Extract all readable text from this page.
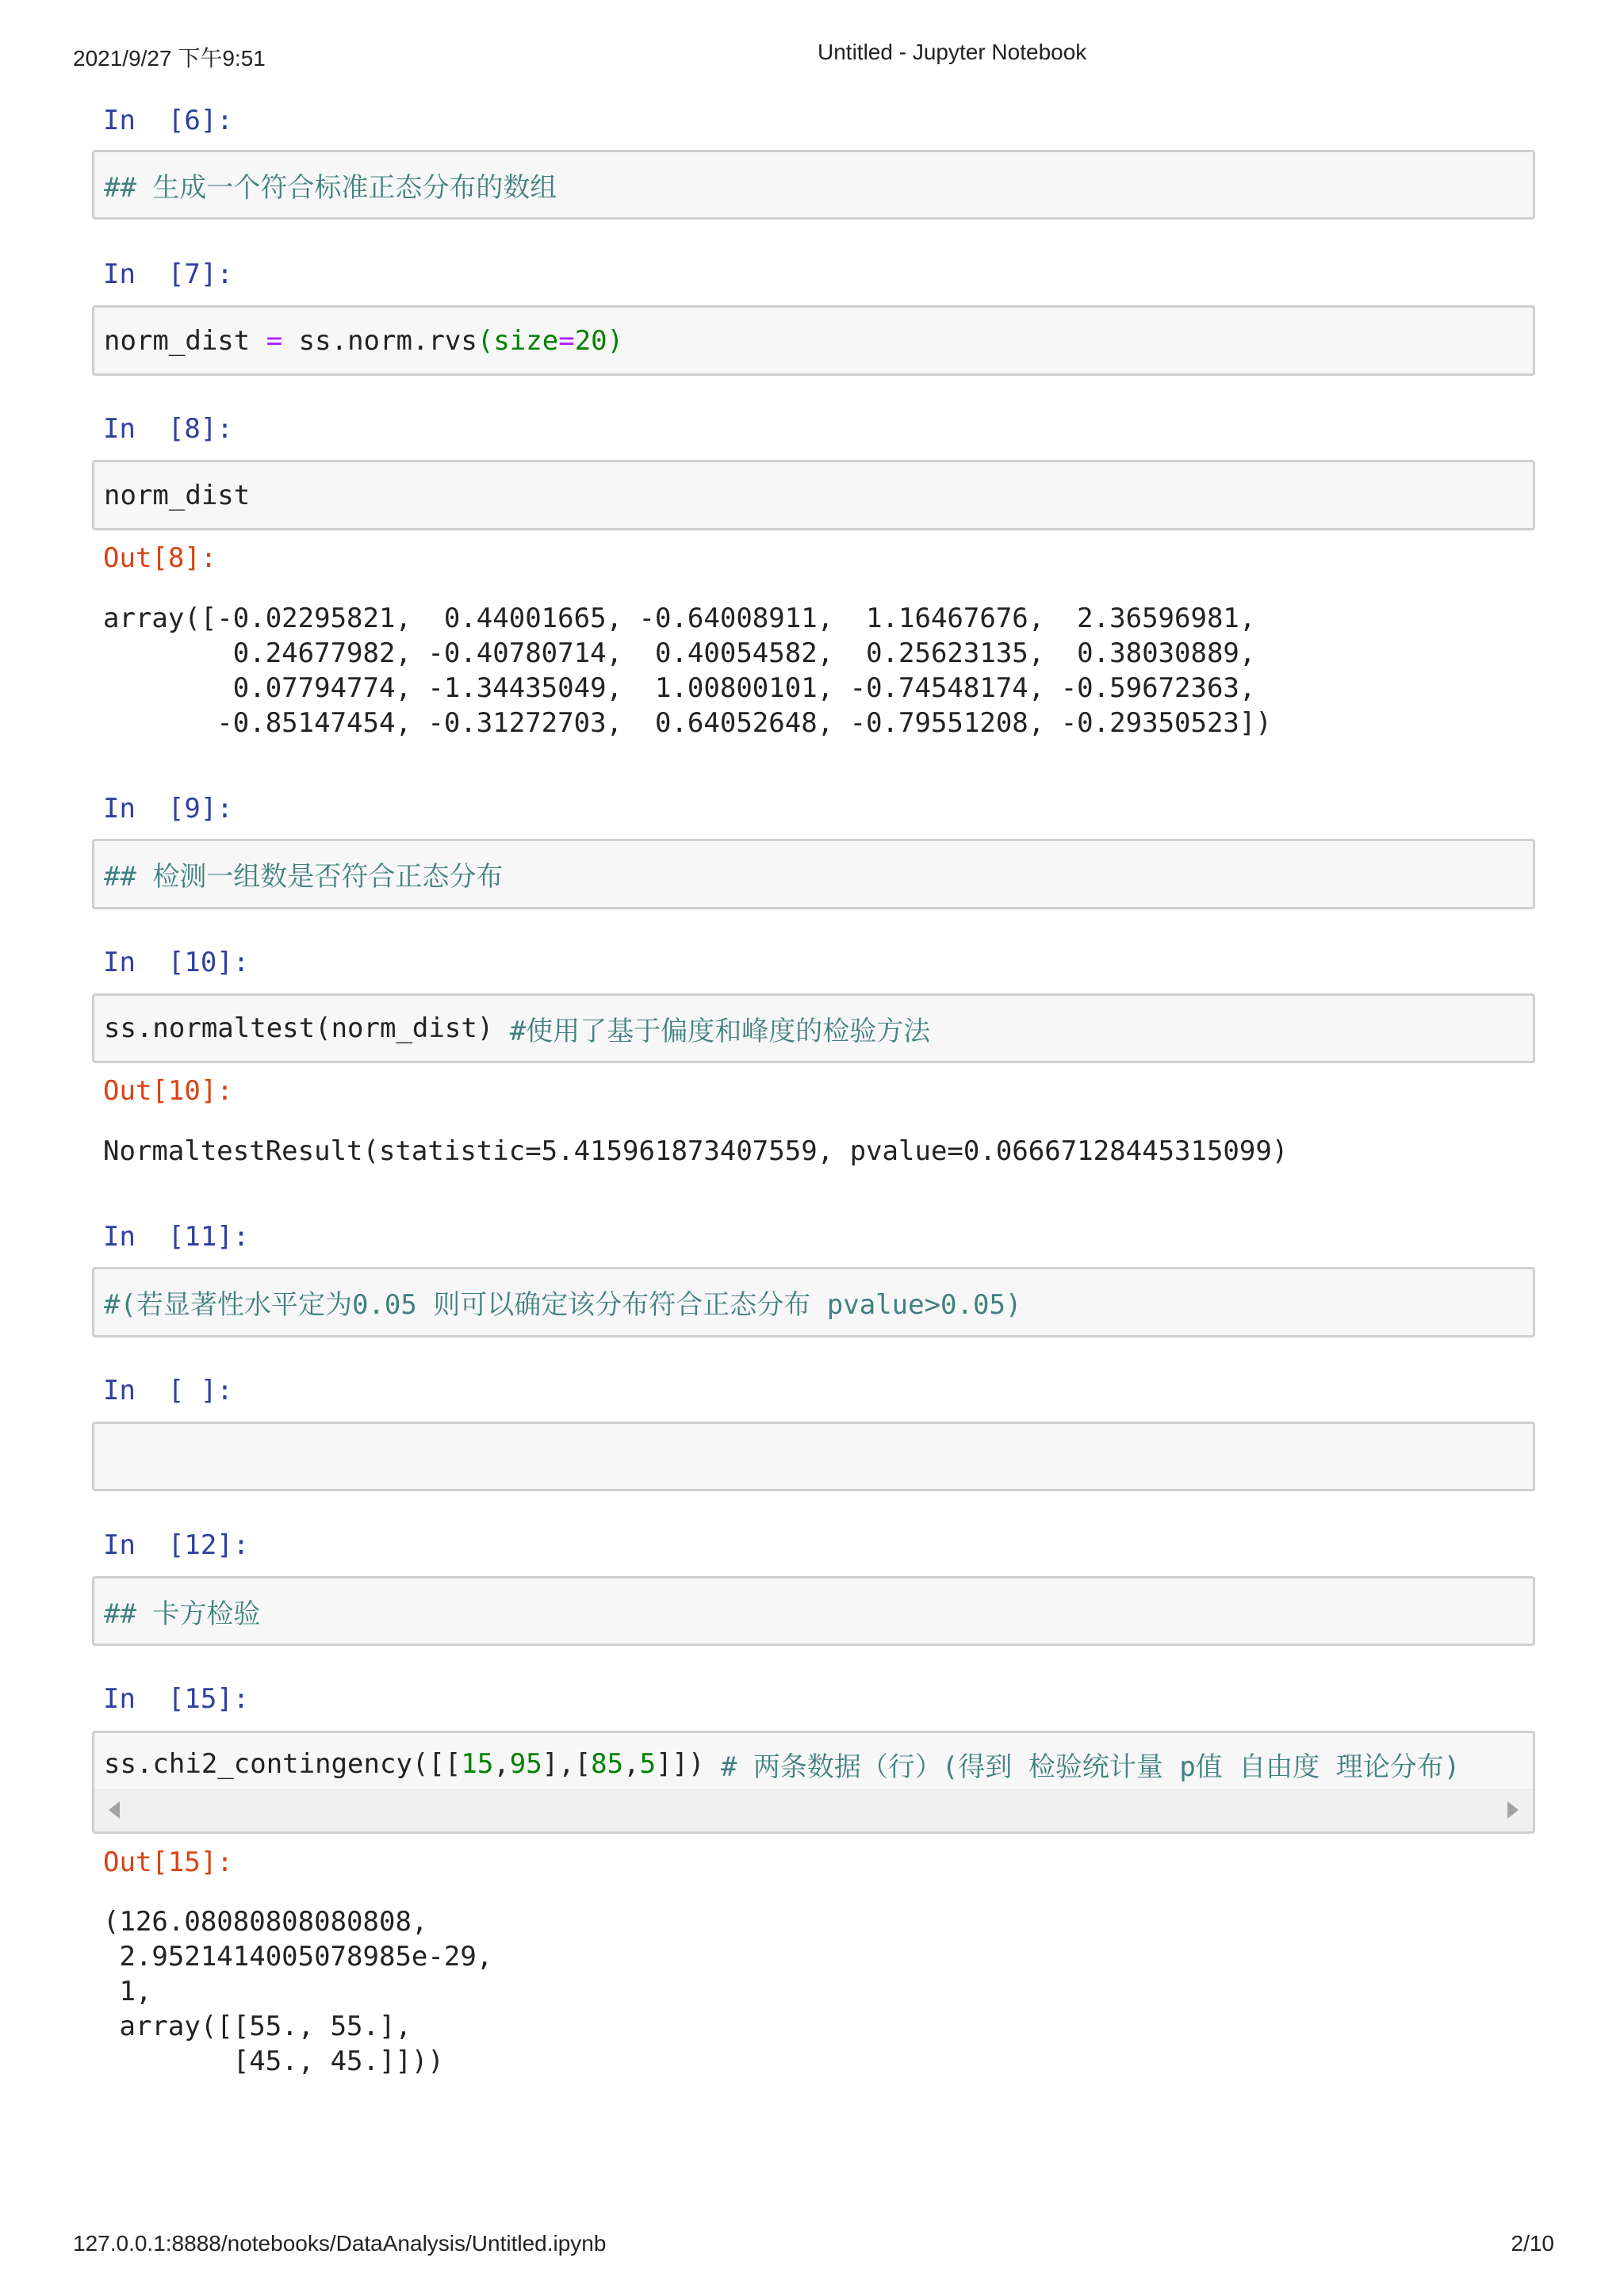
2021/9/27 下午9:51	Untitled - Jupyter Notebook
In  [6]:
## 生成一个符合标准正态分布的数组
In  [7]:
norm_dist = ss.norm.rvs ( size = 20 )
In  [8]:
norm_dist
Out[8]:
array([-0.02295821,  0.44001665, -0.64008911,  1.16467676,  2.36596981,
0.24677982, -0.40780714,  0.40054582,  0.25623135,  0.38030889,
0.07794774, -1.34435049,  1.00800101, -0.74548174, -0.59672363,
-0.85147454, -0.31272703,  0.64052648, -0.79551208, -0.29350523])
In  [9]:
## 检测一组数是否符合正态分布
In  [10]:
ss.normaltest(norm_dist) #使用了基于偏度和峰度的检验方法
Out[10]:
NormaltestResult(statistic=5.415961873407559, pvalue=0.06667128445315099)
In  [11]:
#(若显著性水平定为0.05 则可以确定该分布符合正态分布 pvalue>0.05)
In  [ ]:
In  [12]:
## 卡方检验
In  [15]:
ss.chi2_contingency([[ 15 , 95 ],[ 85 , 5 ]]) # 两条数据（行）(得到 检验统计量 p值 自由度 理论分布)
Out[15]:
(126.08080808080808,
2.9521414005078985e-29,
1,
array([[55., 55.],
[45., 45.]]))
127.0.0.1:8888/notebooks/DataAnalysis/Untitled.ipynb	2/10
